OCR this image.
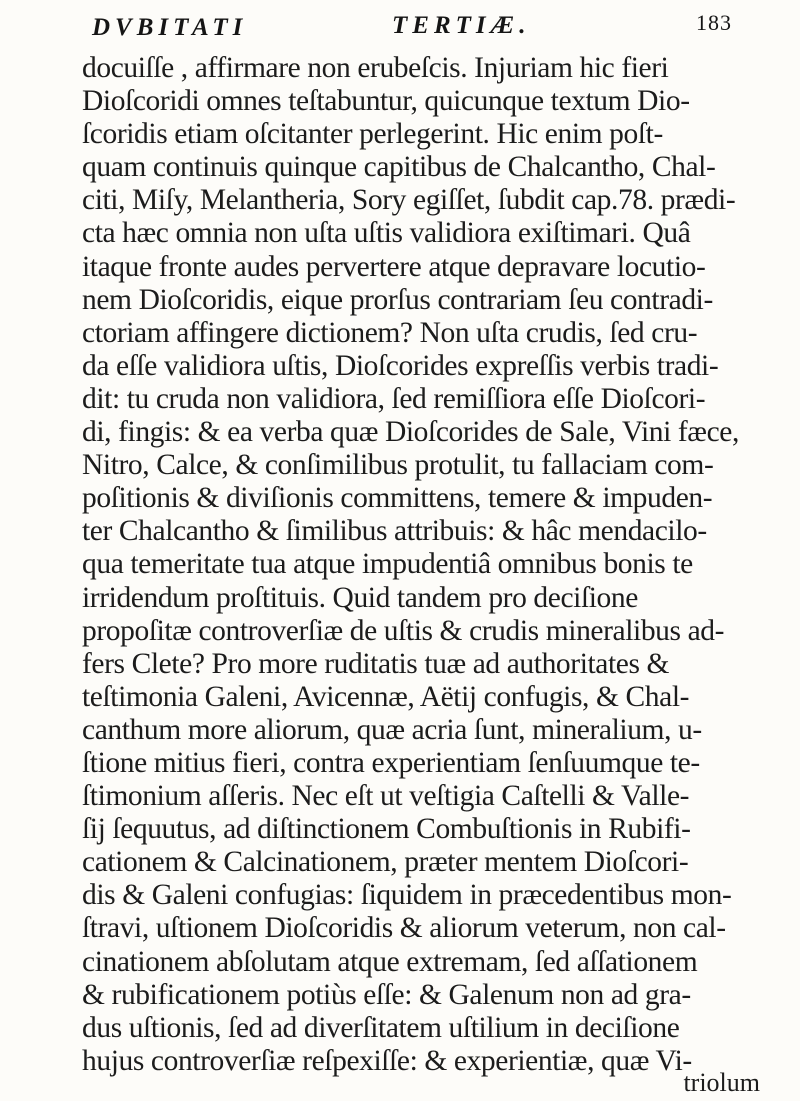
DVBITATI	TERTIÆ.	183
docuiſſe , affirmare non erubeſcis. Injuriam hic fieri
Dioſcoridi omnes teſtabuntur, quicunque textum Dio-
ſcoridis etiam oſcitanter perlegerint. Hic enim poſt-
quam continuis quinque capitibus de Chalcantho, Chal-
citi, Miſy, Melantheria, Sory egiſſet, ſubdit cap.78. prædi-
cta hæc omnia non uſta uſtis validiora exiſtimari. Quâ
itaque fronte audes pervertere atque depravare locutio-
nem Dioſcoridis, eique prorſus contrariam ſeu contradi-
ctoriam affingere dictionem? Non uſta crudis, ſed cru-
da eſſe validiora uſtis, Dioſcorides expreſſis verbis tradi-
dit: tu cruda non validiora, ſed remiſſiora eſſe Dioſcori-
di, fingis: & ea verba quæ Dioſcorides de Sale, Vini fæce,
Nitro, Calce, & conſimilibus protulit, tu fallaciam com-
poſitionis & diviſionis committens, temere & impuden-
ter Chalcantho & ſimilibus attribuis: & hâc mendacilo-
qua temeritate tua atque impudentiâ omnibus bonis te
irridendum proſtituis. Quid tandem pro deciſione
propoſitæ controverſiæ de uſtis & crudis mineralibus ad-
fers Clete? Pro more ruditatis tuæ ad authoritates &
teſtimonia Galeni, Avicennæ, Aëtij confugis, & Chal-
canthum more aliorum, quæ acria ſunt, mineralium, u-
ſtione mitius fieri, contra experientiam ſenſuumque te-
ſtimonium aſſeris. Nec eſt ut veſtigia Caſtelli & Valle-
ſij ſequutus, ad diſtinctionem Combuſtionis in Rubifi-
cationem & Calcinationem, præter mentem Dioſcori-
dis & Galeni confugias: ſiquidem in præcedentibus mon-
ſtravi, uſtionem Dioſcoridis & aliorum veterum, non cal-
cinationem abſolutam atque extremam, ſed aſſationem
& rubificationem potiùs eſſe: & Galenum non ad gra-
dus uſtionis, ſed ad diverſitatem uſtilium in deciſione
hujus controverſiæ reſpexiſſe: & experientiæ, quæ Vi-
triolum
